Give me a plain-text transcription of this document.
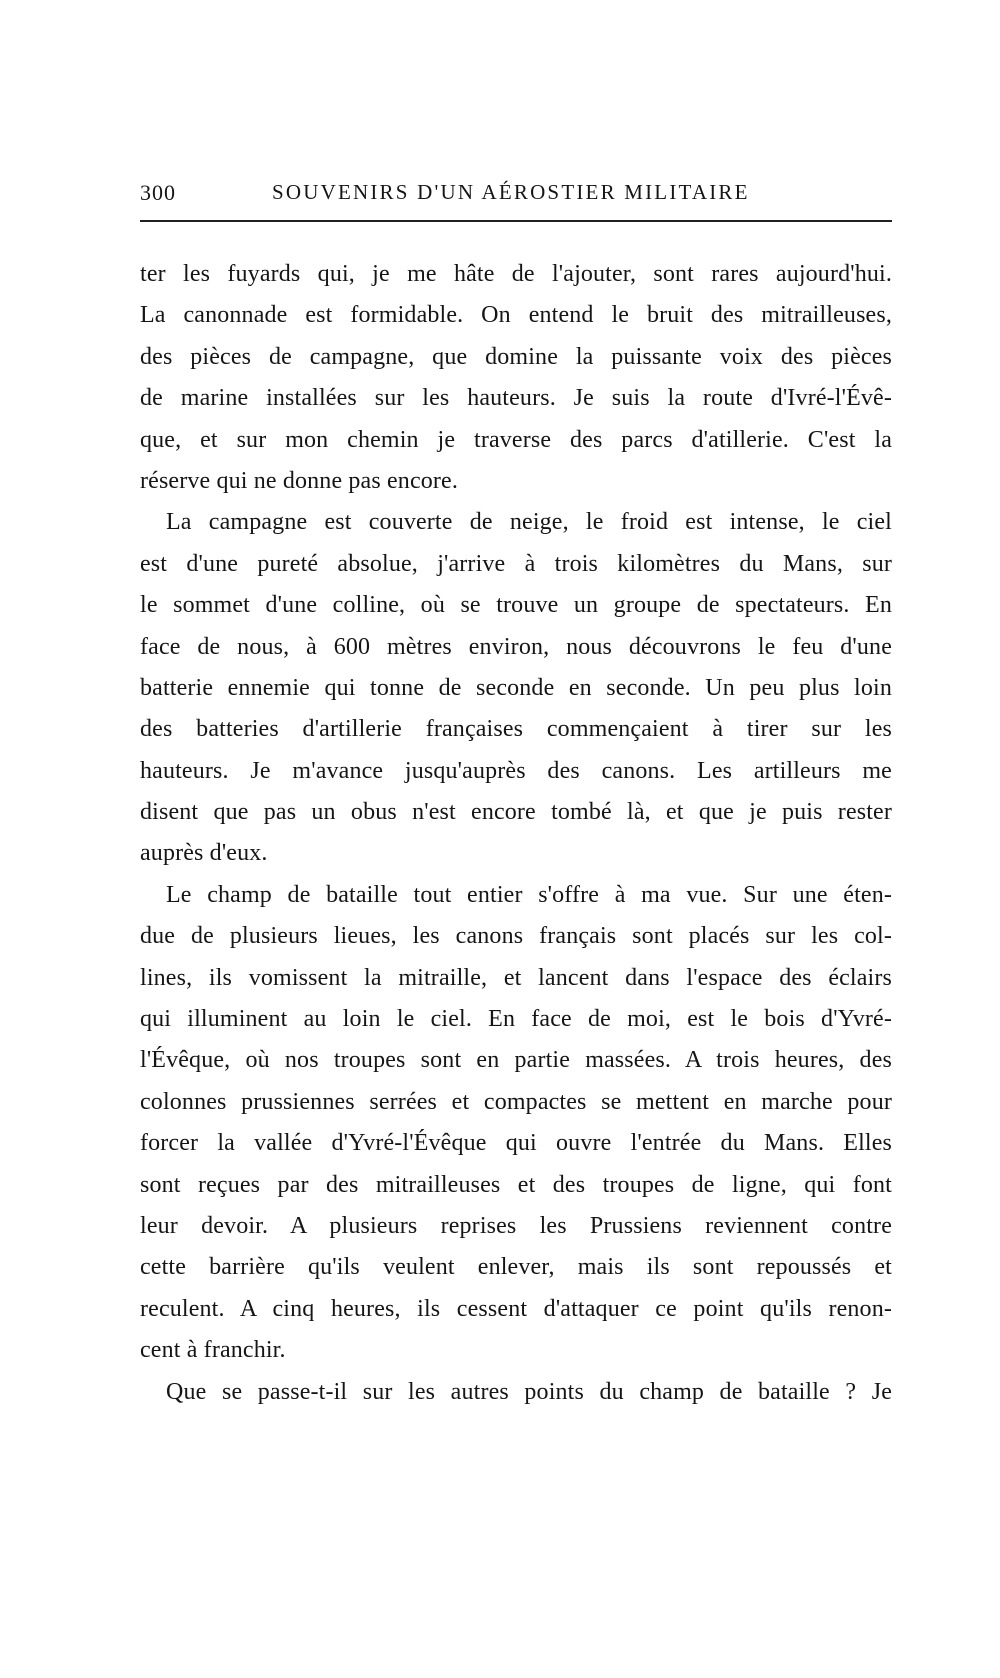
300	SOUVENIRS D'UN AÉROSTIER MILITAIRE
ter les fuyards qui, je me hâte de l'ajouter, sont rares aujourd'hui.
La canonnade est formidable. On entend le bruit des mitrailleuses,
des pièces de campagne, que domine la puissante voix des pièces
de marine installées sur les hauteurs. Je suis la route d'Ivré-l'Évê-
que, et sur mon chemin je traverse des parcs d'atillerie. C'est la
réserve qui ne donne pas encore.
La campagne est couverte de neige, le froid est intense, le ciel
est d'une pureté absolue, j'arrive à trois kilomètres du Mans, sur
le sommet d'une colline, où se trouve un groupe de spectateurs. En
face de nous, à 600 mètres environ, nous découvrons le feu d'une
batterie ennemie qui tonne de seconde en seconde. Un peu plus loin
des batteries d'artillerie françaises commençaient à tirer sur les
hauteurs. Je m'avance jusqu'auprès des canons. Les artilleurs me
disent que pas un obus n'est encore tombé là, et que je puis rester
auprès d'eux.
Le champ de bataille tout entier s'offre à ma vue. Sur une éten-
due de plusieurs lieues, les canons français sont placés sur les col-
lines, ils vomissent la mitraille, et lancent dans l'espace des éclairs
qui illuminent au loin le ciel. En face de moi, est le bois d'Yvré-
l'Évêque, où nos troupes sont en partie massées. A trois heures, des
colonnes prussiennes serrées et compactes se mettent en marche pour
forcer la vallée d'Yvré-l'Évêque qui ouvre l'entrée du Mans. Elles
sont reçues par des mitrailleuses et des troupes de ligne, qui font
leur devoir. A plusieurs reprises les Prussiens reviennent contre
cette barrière qu'ils veulent enlever, mais ils sont repoussés et
reculent. A cinq heures, ils cessent d'attaquer ce point qu'ils renon-
cent à franchir.
Que se passe-t-il sur les autres points du champ de bataille ? Je
